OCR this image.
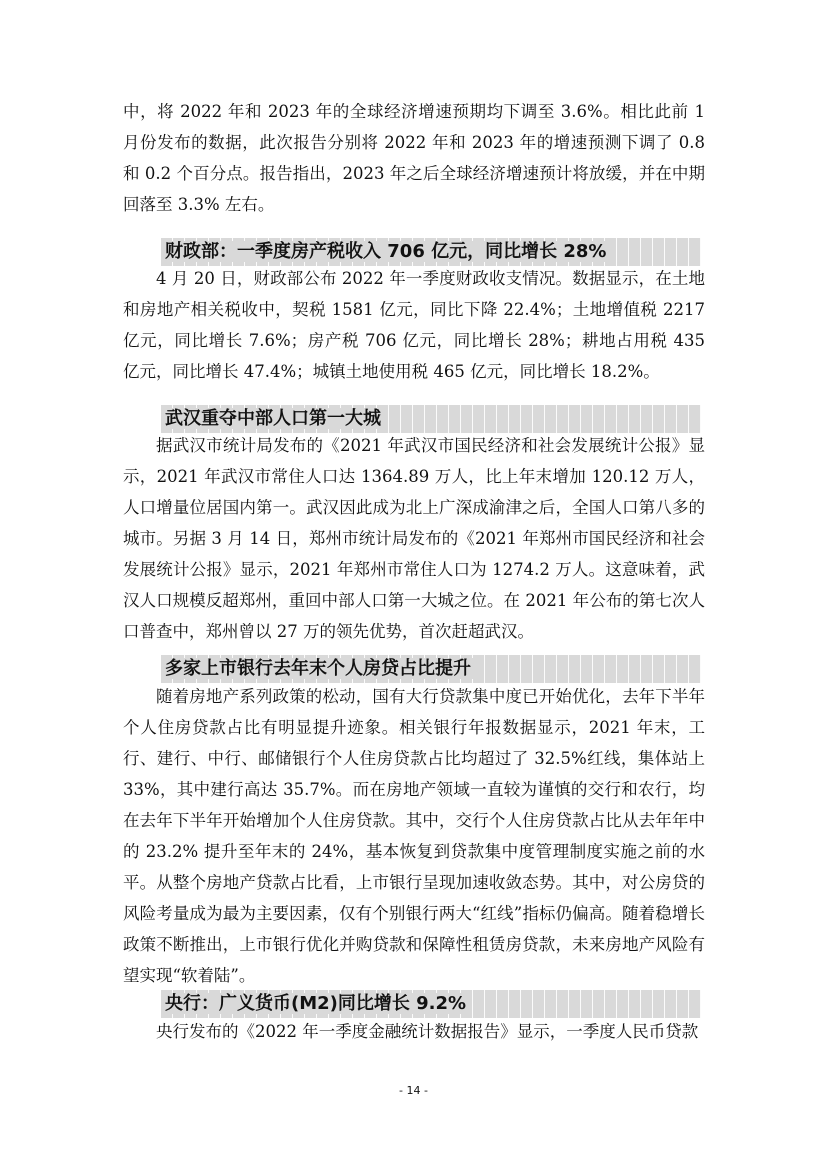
中，将 2022 年和 2023 年的全球经济增速预期均下调至 3.6%。相比此前 1 月份发布的数据，此次报告分别将 2022 年和 2023 年的增速预测下调了 0.8 和 0.2 个百分点。报告指出，2023 年之后全球经济增速预计将放缓，并在中期回落至 3.3% 左右。

财政部：一季度房产税收入 706 亿元，同比增长 28%

4 月 20 日，财政部公布 2022 年一季度财政收支情况。数据显示，在土地和房地产相关税收中，契税 1581 亿元，同比下降 22.4%；土地增值税 2217 亿元，同比增长 7.6%；房产税 706 亿元，同比增长 28%；耕地占用税 435 亿元，同比增长 47.4%；城镇土地使用税 465 亿元，同比增长 18.2%。

武汉重夺中部人口第一大城

据武汉市统计局发布的《2021 年武汉市国民经济和社会发展统计公报》显示，2021 年武汉市常住人口达 1364.89 万人，比上年末增加 120.12 万人，人口增量位居国内第一。武汉因此成为北上广深成渝津之后，全国人口第八多的城市。另据 3 月 14 日，郑州市统计局发布的《2021 年郑州市国民经济和社会发展统计公报》显示，2021 年郑州市常住人口为 1274.2 万人。这意味着，武汉人口规模反超郑州，重回中部人口第一大城之位。在 2021 年公布的第七次人口普查中，郑州曾以 27 万的领先优势，首次赶超武汉。

多家上市银行去年末个人房贷占比提升

随着房地产系列政策的松动，国有大行贷款集中度已开始优化，去年下半年个人住房贷款占比有明显提升迹象。相关银行年报数据显示，2021 年末，工行、建行、中行、邮储银行个人住房贷款占比均超过了 32.5%红线，集体站上 33%，其中建行高达 35.7%。而在房地产领域一直较为谨慎的交行和农行，均在去年下半年开始增加个人住房贷款。其中，交行个人住房贷款占比从去年年中的 23.2% 提升至年末的 24%，基本恢复到贷款集中度管理制度实施之前的水平。从整个房地产贷款占比看，上市银行呈现加速收敛态势。其中，对公房贷的风险考量成为最为主要因素，仅有个别银行两大“红线”指标仍偏高。随着稳增长政策不断推出，上市银行优化并购贷款和保障性租赁房贷款，未来房地产风险有望实现“软着陆”。

央行：广义货币(M2)同比增长 9.2%

央行发布的《2022 年一季度金融统计数据报告》显示，一季度人民币贷款

- 14 -
